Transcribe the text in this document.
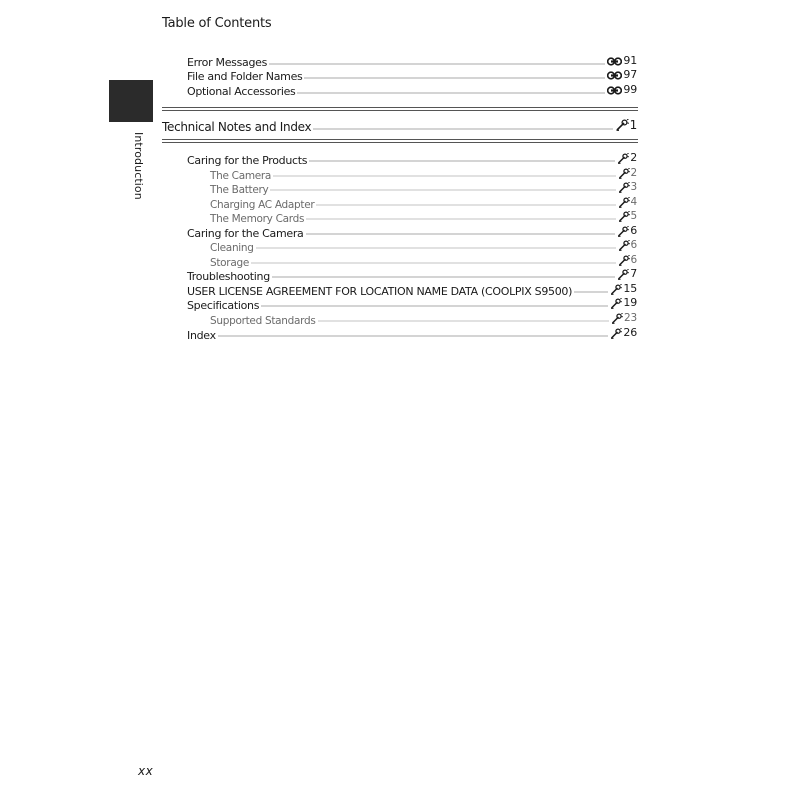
Table of Contents
Introduction
Error Messages	91
File and Folder Names	97
Optional Accessories	99
Technical Notes and Index	1
Caring for the Products	2
The Camera	2
The Battery	3
Charging AC Adapter	4
The Memory Cards	5
Caring for the Camera	6
Cleaning	6
Storage	6
Troubleshooting	7
USER LICENSE AGREEMENT FOR LOCATION NAME DATA (COOLPIX S9500)	15
Specifications	19
Supported Standards	23
Index	26
xx
